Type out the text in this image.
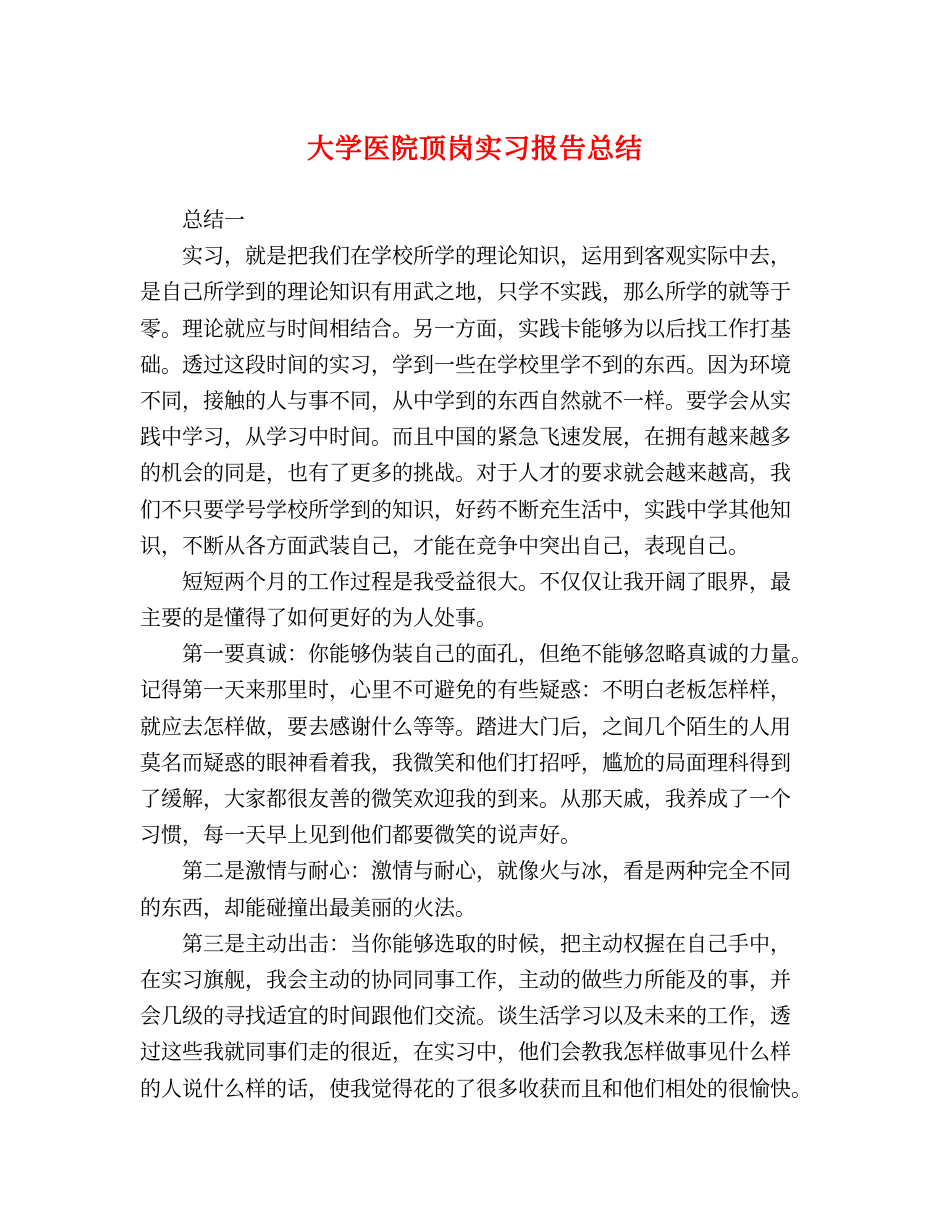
大学医院顶岗实习报告总结
总结一
实习，就是把我们在学校所学的理论知识，运用到客观实际中去，
是自己所学到的理论知识有用武之地，只学不实践，那么所学的就等于
零。理论就应与时间相结合。另一方面，实践卡能够为以后找工作打基
础。透过这段时间的实习，学到一些在学校里学不到的东西。因为环境
不同，接触的人与事不同，从中学到的东西自然就不一样。要学会从实
践中学习，从学习中时间。而且中国的紧急飞速发展，在拥有越来越多
的机会的同是，也有了更多的挑战。对于人才的要求就会越来越高，我
们不只要学号学校所学到的知识，好药不断充生活中，实践中学其他知
识，不断从各方面武装自己，才能在竞争中突出自己，表现自己。
短短两个月的工作过程是我受益很大。不仅仅让我开阔了眼界，最
主要的是懂得了如何更好的为人处事。
第一要真诚：你能够伪装自己的面孔，但绝不能够忽略真诚的力量。
记得第一天来那里时，心里不可避免的有些疑惑：不明白老板怎样样，
就应去怎样做，要去感谢什么等等。踏进大门后，之间几个陌生的人用
莫名而疑惑的眼神看着我，我微笑和他们打招呼，尴尬的局面理科得到
了缓解，大家都很友善的微笑欢迎我的到来。从那天戚，我养成了一个
习惯，每一天早上见到他们都要微笑的说声好。
第二是激情与耐心：激情与耐心，就像火与冰，看是两种完全不同
的东西，却能碰撞出最美丽的火法。
第三是主动出击：当你能够选取的时候，把主动权握在自己手中，
在实习旗舰，我会主动的协同同事工作，主动的做些力所能及的事，并
会几级的寻找适宜的时间跟他们交流。谈生活学习以及未来的工作，透
过这些我就同事们走的很近，在实习中，他们会教我怎样做事见什么样
的人说什么样的话，使我觉得花的了很多收获而且和他们相处的很愉快。
